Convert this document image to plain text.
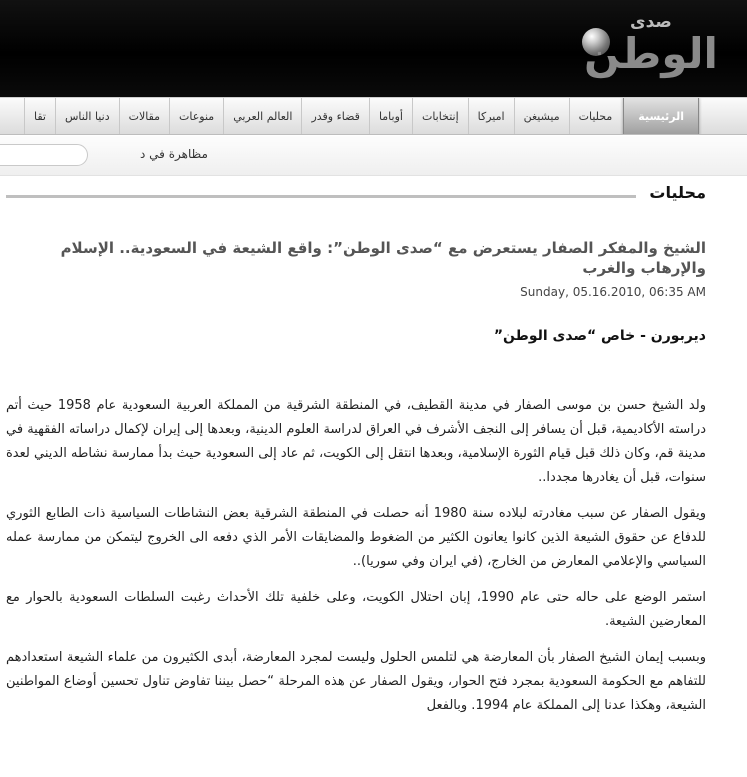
صدى
الوطن
الرئيسية
محليات
ميشيغن
اميركا
إنتخابات
أوباما
قضاء وقدر
العالم العربي
منوعات
مقالات
دنيا الناس
تقا
مظاهرة في د
محليات
الشيخ والمفكر الصفار يستعرض مع “صدى الوطن”: واقع الشيعة في السعودية.. الإسلام والإرهاب والغرب
Sunday, 05.16.2010, 06:35 AM
ديربورن - خاص “صدى الوطن”

ولد الشيخ حسن بن موسى الصفار في مدينة القطيف، في المنطقة الشرقية من المملكة العربية السعودية عام 1958 حيث أتم دراسته الأكاديمية، قبل أن يسافر إلى النجف الأشرف في العراق لدراسة العلوم الدينية، وبعدها إلى إيران لإكمال دراساته الفقهية في مدينة قم، وكان ذلك قبل قيام الثورة الإسلامية، وبعدها انتقل إلى الكويت، ثم عاد إلى السعودية حيث بدأ ممارسة نشاطه الديني لعدة سنوات، قبل أن يغادرها مجددا..

ويقول الصفار عن سبب مغادرته لبلاده سنة 1980 أنه حصلت في المنطقة الشرقية بعض النشاطات السياسية ذات الطابع الثوري للدفاع عن حقوق الشيعة الذين كانوا يعانون الكثير من الضغوط والمضايقات الأمر الذي دفعه الى الخروج ليتمكن من ممارسة عمله السياسي والإعلامي المعارض من الخارج، (في ايران وفي سوريا)..

استمر الوضع على حاله حتى عام 1990، إبان احتلال الكويت، وعلى خلفية تلك الأحداث رغبت السلطات السعودية بالحوار مع المعارضين الشيعة.

وبسبب إيمان الشيخ الصفار بأن المعارضة هي لتلمس الحلول وليست لمجرد المعارضة، أبدى الكثيرون من علماء الشيعة استعدادهم للتفاهم مع الحكومة السعودية بمجرد فتح الحوار، ويقول الصفار عن هذه المرحلة “حصل بيننا تفاوض تناول تحسين أوضاع المواطنين الشيعة، وهكذا عدنا إلى المملكة عام 1994. وبالفعل
